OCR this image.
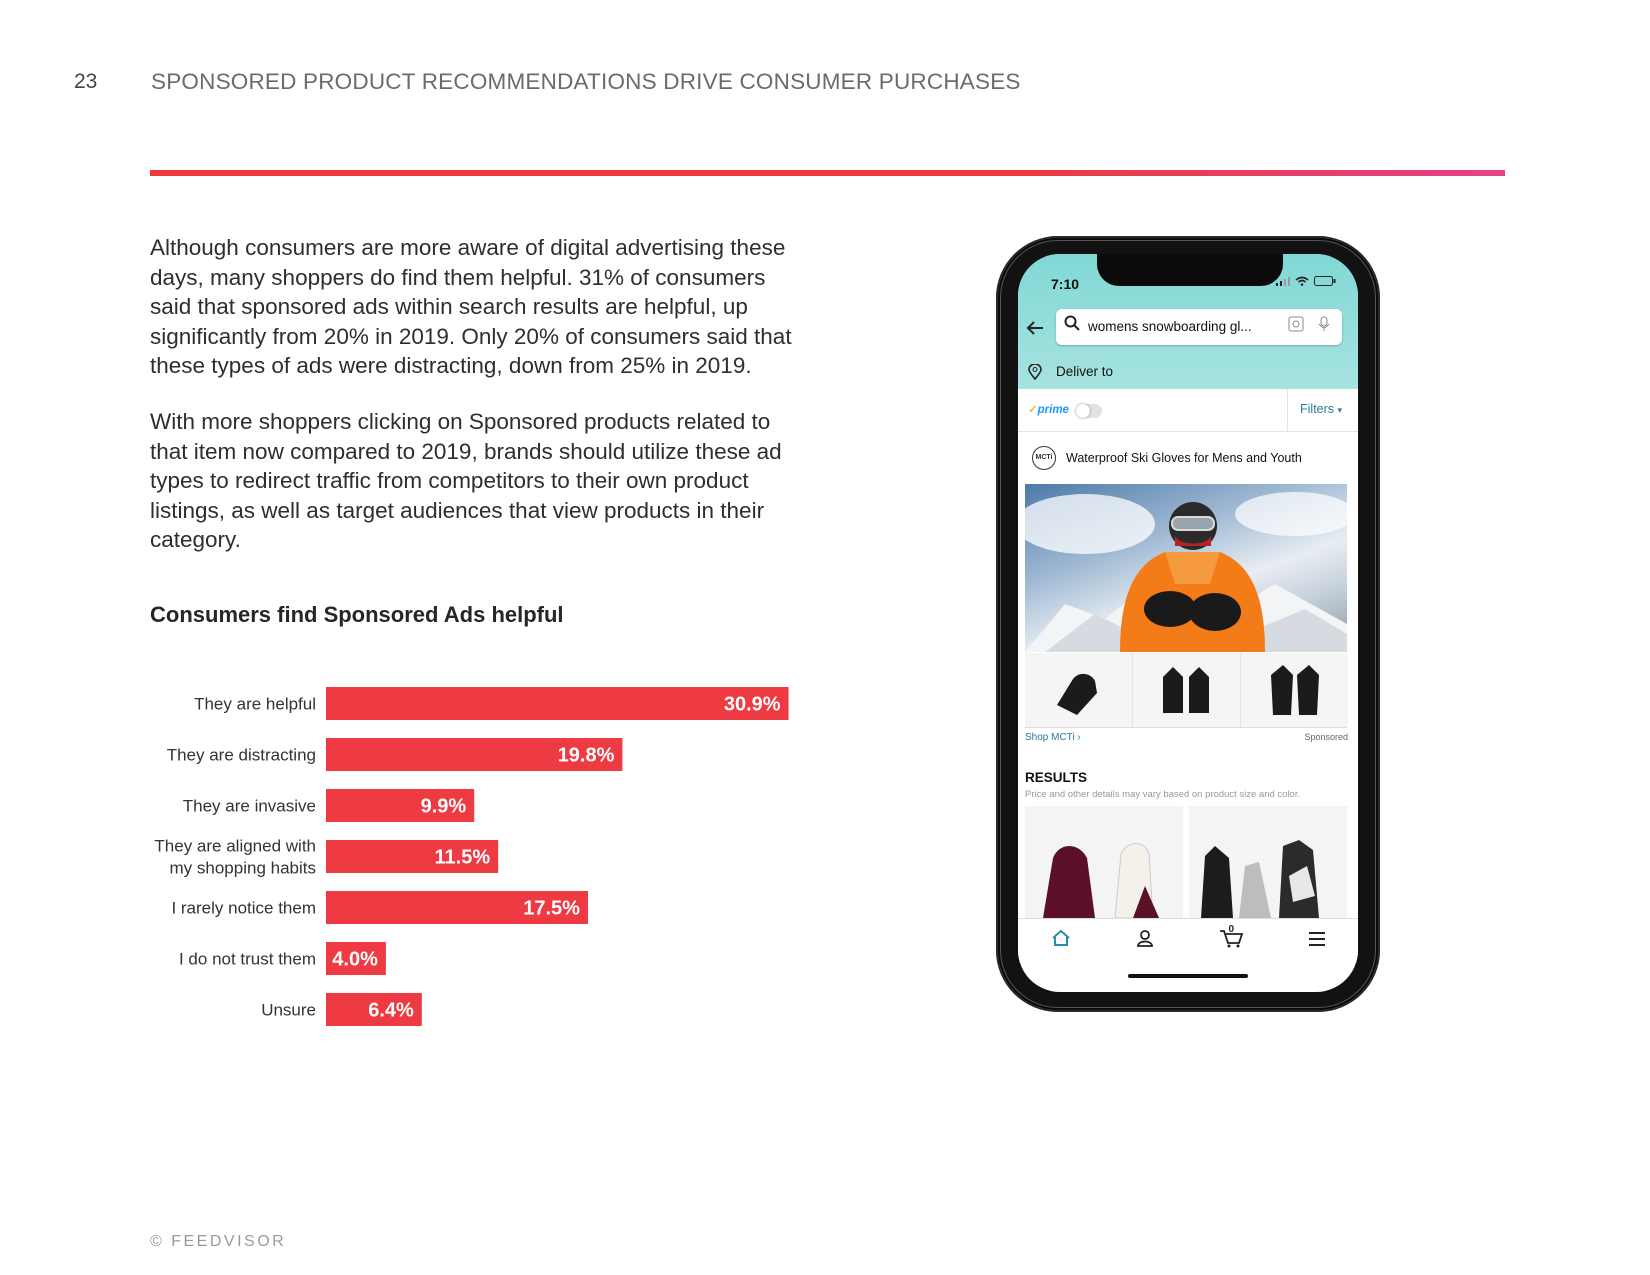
23 SPONSORED PRODUCT RECOMMENDATIONS DRIVE CONSUMER PURCHASES

Although consumers are more aware of digital advertising these days, many shoppers do find them helpful. 31% of consumers said that sponsored ads within search results are helpful, up significantly from 20% in 2019. Only 20% of consumers said that these types of ads were distracting, down from 25% in 2019.

With more shoppers clicking on Sponsored products related to that item now compared to 2019, brands should utilize these ad types to redirect traffic from competitors to their own product listings, as well as target audiences that view products in their category.

Consumers find Sponsored Ads helpful
30.9%
They are helpful
19.8%
They are distracting
9.9%
They are invasive
11.5%
They are aligned with
my shopping habits
17.5%
I rarely notice them
4.0%
I do not trust them
6.4%
Unsure
7:10

womens snowboarding gl...
Deliver to
✓prime	Filters ▾
MCTi Waterproof Ski Gloves for Mens and Youth
Shop MCTi ›	Sponsored
RESULTS
Price and other details may vary based on product size and color.
0
© FEEDVISOR
